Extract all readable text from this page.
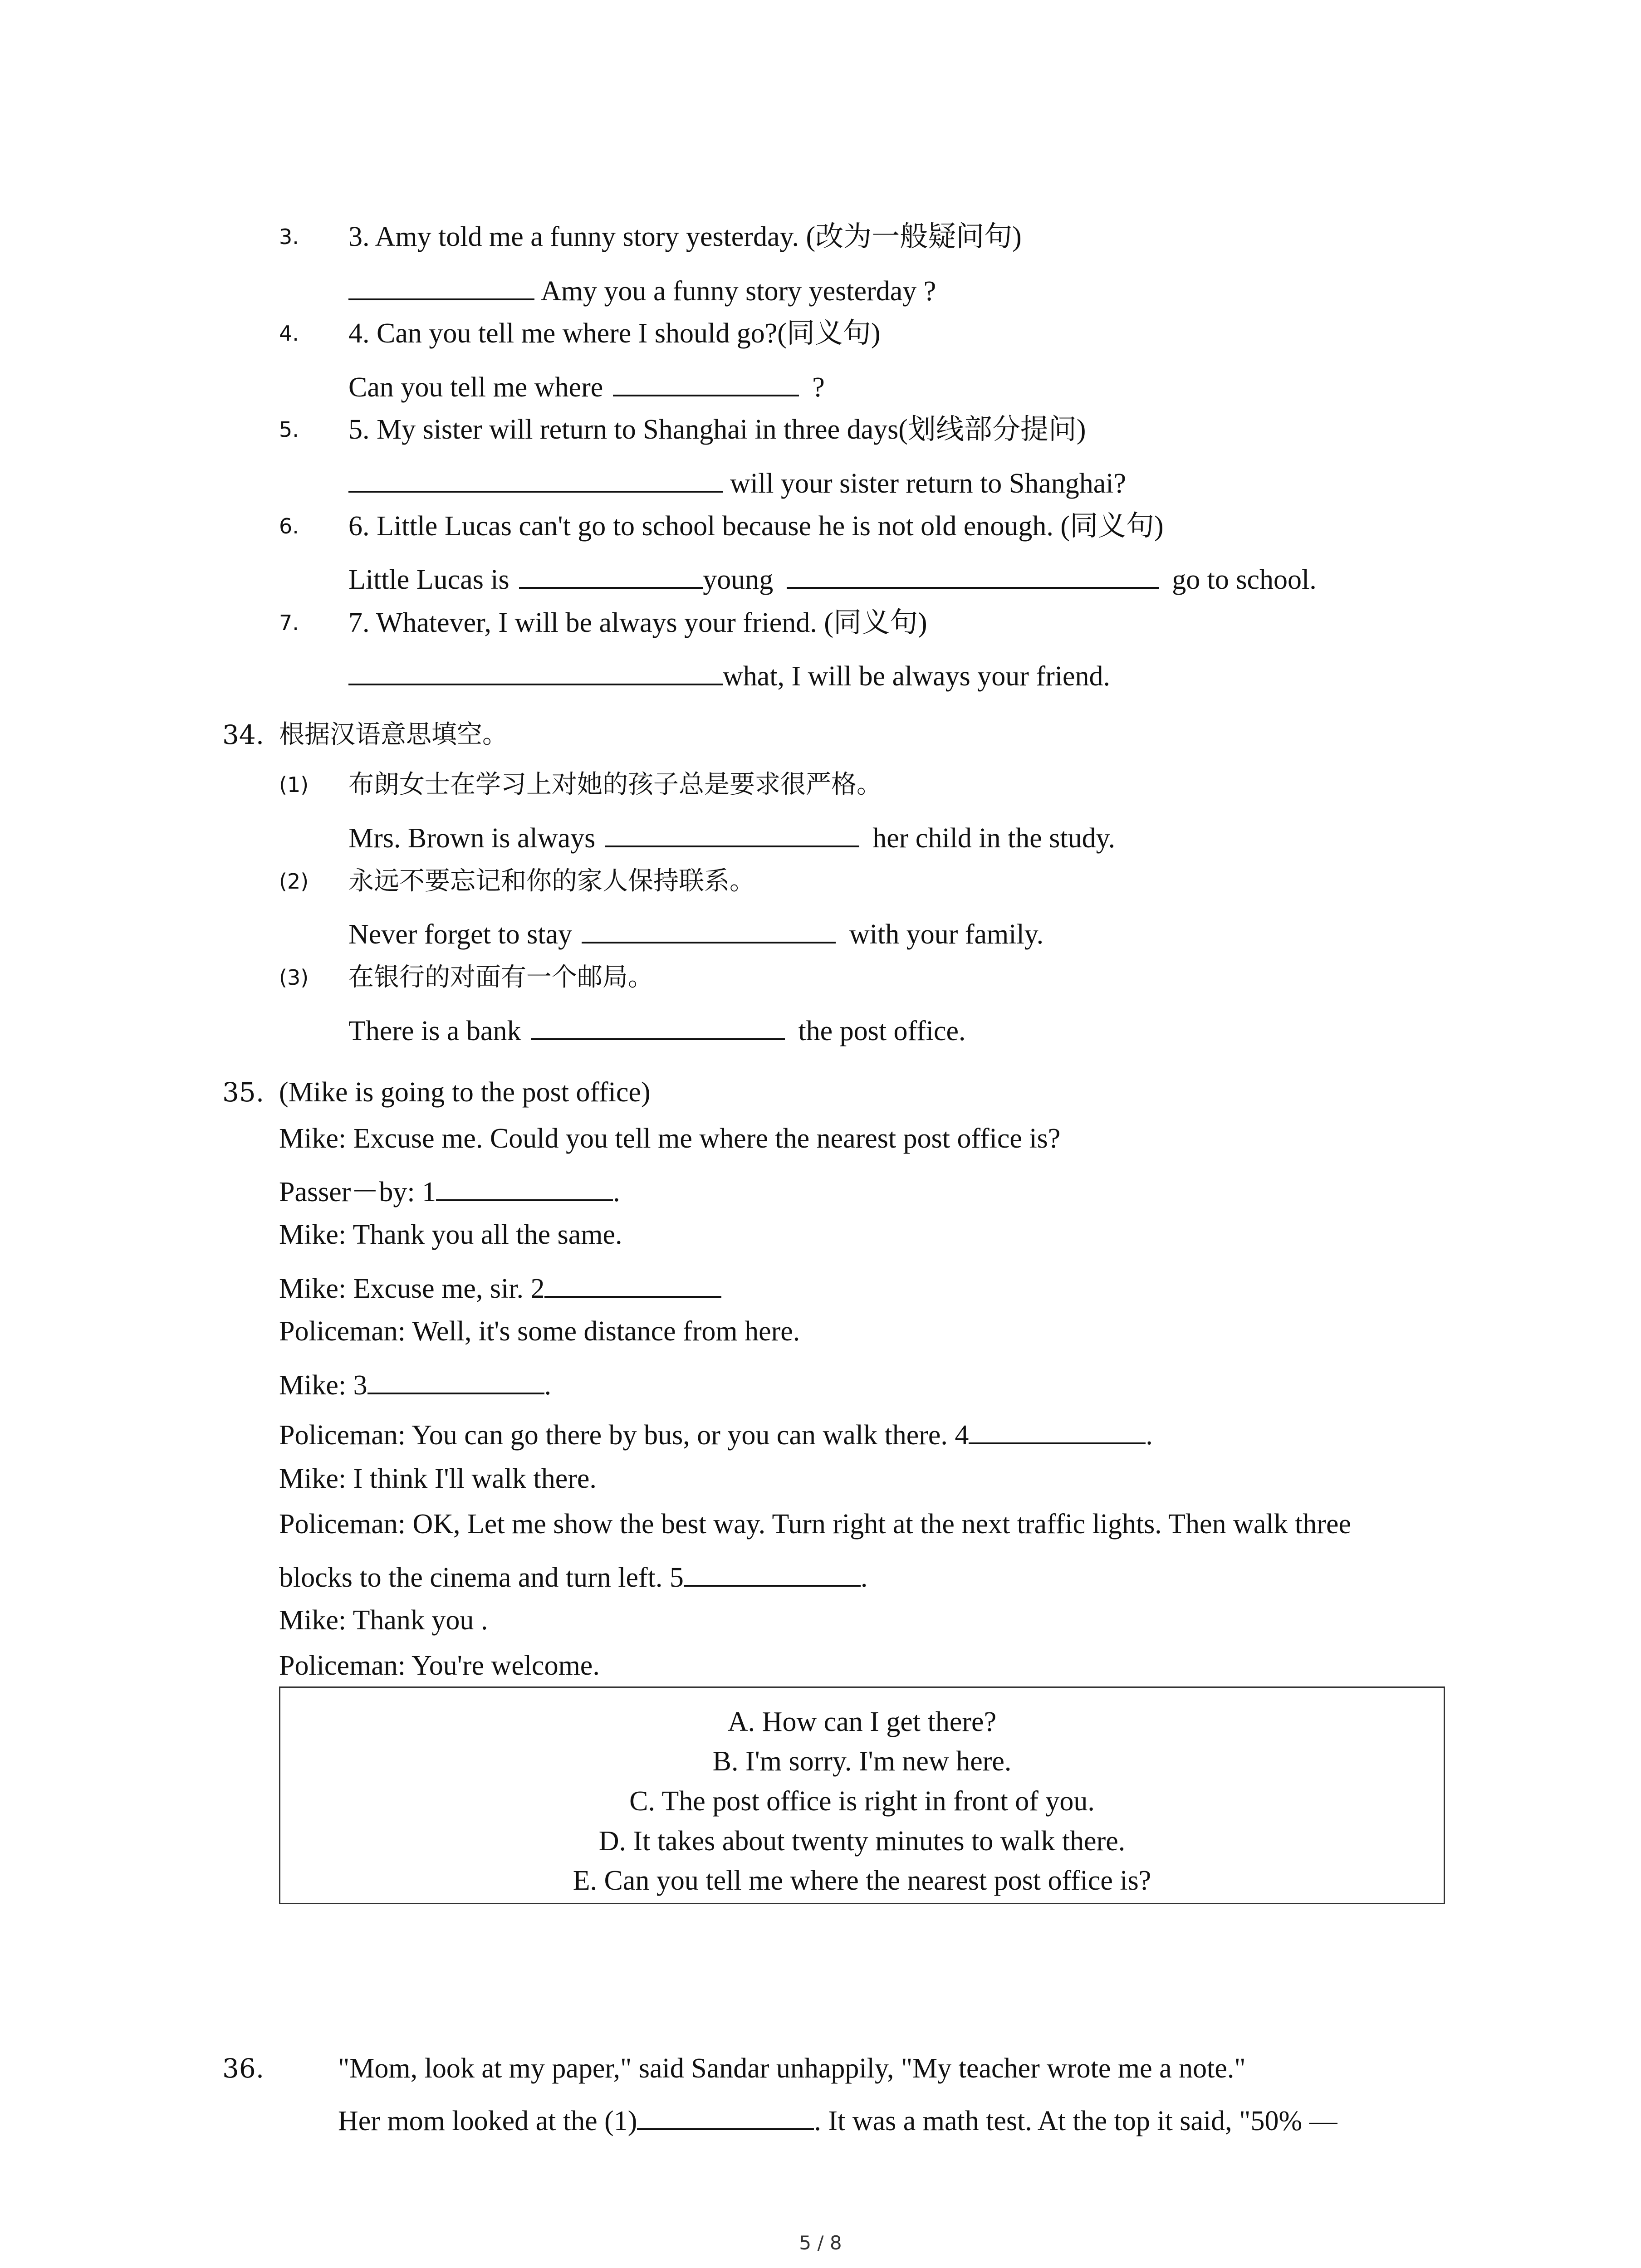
3. 3. Amy told me a funny story yesterday. (改为一般疑问句)
Amy you a funny story yesterday ?
4. 4. Can you tell me where I should go?(同义句)
Can you tell me where	?
5. 5. My sister will return to Shanghai in three days(划线部分提问)
will your sister return to Shanghai?
6. 6. Little Lucas can't go to school because he is not old enough. (同义句)
Little Lucas is	young	go to school.
7. 7. Whatever, I will be always your friend. (同义句)
what, I will be always your friend.
34. 根据汉语意思填空。
(1) 布朗女士在学习上对她的孩子总是要求很严格。
Mrs. Brown is always	her child in the study.
(2) 永远不要忘记和你的家人保持联系。
Never forget to stay	with your family.
(3) 在银行的对面有一个邮局。
There is a bank	the post office.
35. (Mike is going to the post office)
Mike: Excuse me. Could you tell me where the nearest post office is?
Passer－by: 1	.
Mike: Thank you all the same.
Mike: Excuse me, sir. 2
Policeman: Well, it's some distance from here.
Mike: 3	.
Policeman: You can go there by bus, or you can walk there. 4	.
Mike: I think I'll walk there.
Policeman: OK, Let me show the best way. Turn right at the next traffic lights. Then walk three
blocks to the cinema and turn left. 5	.
Mike: Thank you .
Policeman: You're welcome.
A. How can I get there?
B. I'm sorry. I'm new here.
C. The post office is right in front of you.
D. It takes about twenty minutes to walk there.
E. Can you tell me where the nearest post office is?
36.	"Mom, look at my paper," said Sandar unhappily, "My teacher wrote me a note."
Her mom looked at the (1)	. It was a math test. At the top it said, "50% —
5 / 8
